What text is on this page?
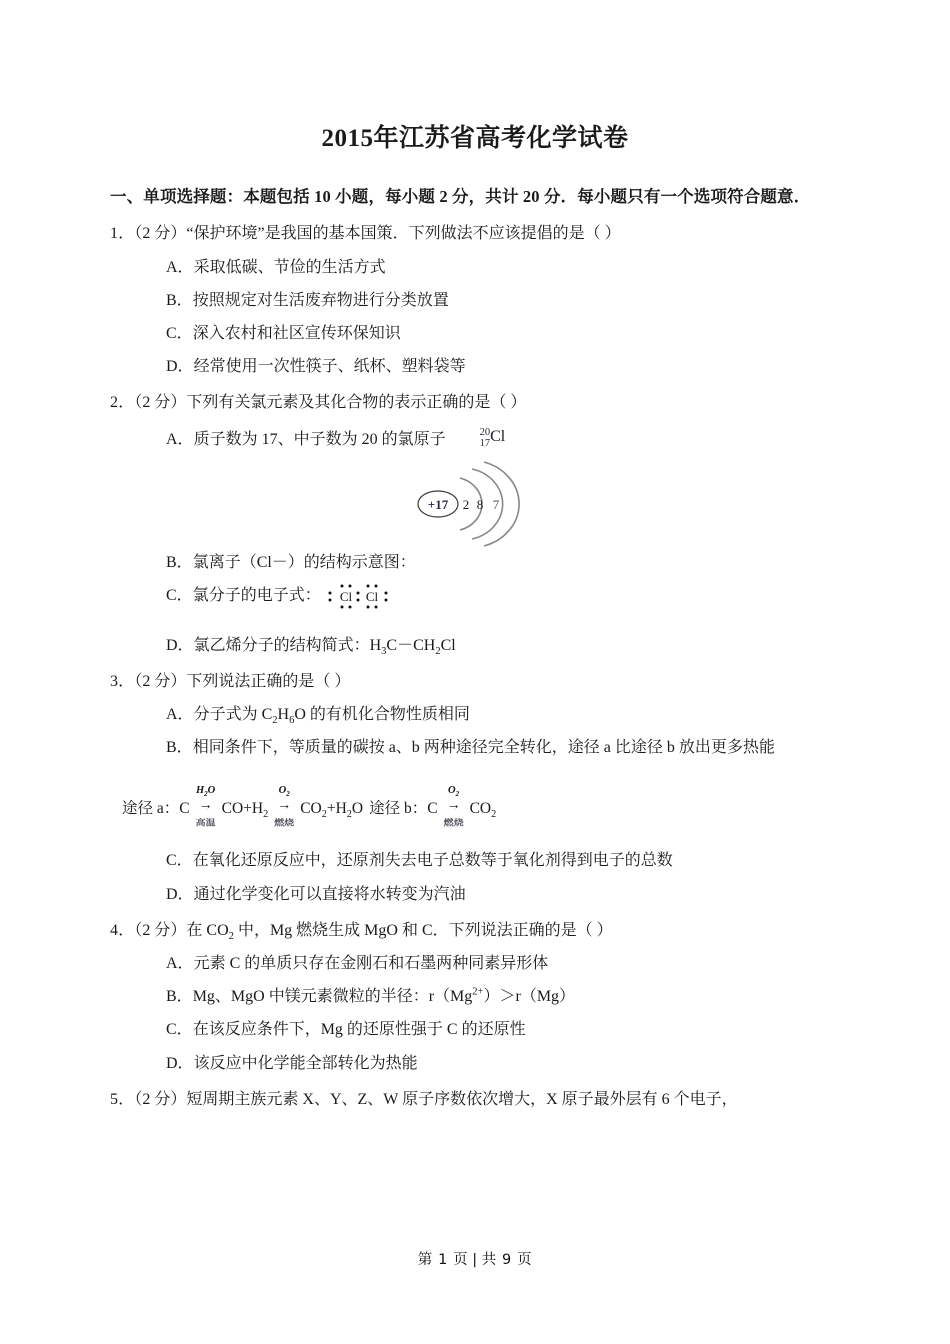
2015年江苏省高考化学试卷
一、单项选择题：本题包括 10 小题，每小题 2 分，共计 20 分．每小题只有一个选项符合题意．
1．（2 分）“保护环境”是我国的基本国策．下列做法不应该提倡的是（ ）
A．采取低碳、节俭的生活方式
B．按照规定对生活废弃物进行分类放置
C．深入农村和社区宣传环保知识
D．经常使用一次性筷子、纸杯、塑料袋等
2．（2 分）下列有关氯元素及其化合物的表示正确的是（ ）
A．质子数为 17、中子数为 20 的氯原子	20
17Cl
+17 2 8 7
B．氯离子（Cl－）的结构示意图：
C．氯分子的电子式： Cl Cl
D．氯乙烯分子的结构简式：$H_3C-CH_2Cl$
3．（2 分）下列说法正确的是（ ）
A．分子式为 $C_2H_6O$ 的有机化合物性质相同
B．相同条件下，等质量的碳按 a、b 两种途径完全转化，途径 a 比途径 b 放出更多热能
途径 a： C
$H_2O$
→
高温
$CO+H_2$
$O_2$
→
燃烧
$CO_2+H_2O$ 途径 b： C
$O_2$
→
燃烧
$CO_2$
C．在氧化还原反应中，还原剂失去电子总数等于氧化剂得到电子的总数
D．通过化学变化可以直接将水转变为汽油
4．（2 分）在 $CO_2$ 中，Mg 燃烧生成 MgO 和 C．下列说法正确的是（ ）
A．元素 C 的单质只存在金刚石和石墨两种同素异形体
B．Mg、MgO 中镁元素微粒的半径：$r(Mg^{2+})>r(Mg)$
C．在该反应条件下，Mg 的还原性强于 C 的还原性
D．该反应中化学能全部转化为热能
5．（2 分）短周期主族元素 X、Y、Z、W 原子序数依次增大，X 原子最外层有 6 个电子，
第 1 页 | 共 9 页
